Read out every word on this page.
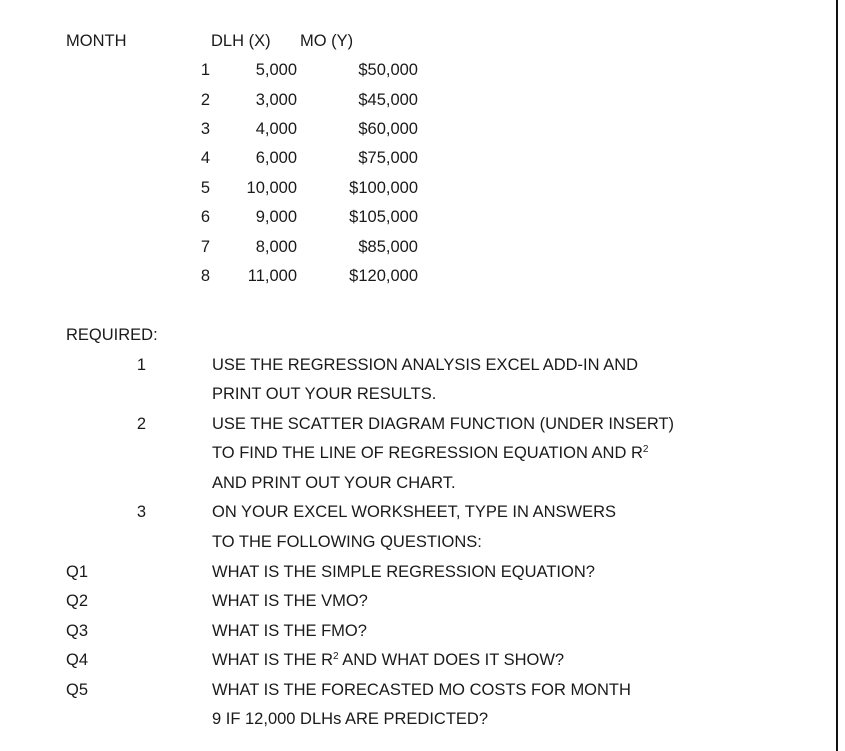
MONTH	DLH (X) MO (Y)
1	5,000	$50,000
2	3,000	$45,000
3	4,000	$60,000
4	6,000	$75,000
5	10,000	$100,000
6	9,000	$105,000
7	8,000	$85,000
8	11,000	$120,000
REQUIRED:
1	USE THE REGRESSION ANALYSIS EXCEL ADD-IN AND
PRINT OUT YOUR RESULTS.
2	USE THE SCATTER DIAGRAM FUNCTION (UNDER INSERT)
TO FIND THE LINE OF REGRESSION EQUATION AND $R^2$
AND PRINT OUT YOUR CHART.
3	ON YOUR EXCEL WORKSHEET, TYPE IN ANSWERS
TO THE FOLLOWING QUESTIONS:
Q1	WHAT IS THE SIMPLE REGRESSION EQUATION?
Q2	WHAT IS THE VMO?
Q3	WHAT IS THE FMO?
Q4	WHAT IS THE $R^2$ AND WHAT DOES IT SHOW?
Q5	WHAT IS THE FORECASTED MO COSTS FOR MONTH
9 IF 12,000 DLHs ARE PREDICTED?
